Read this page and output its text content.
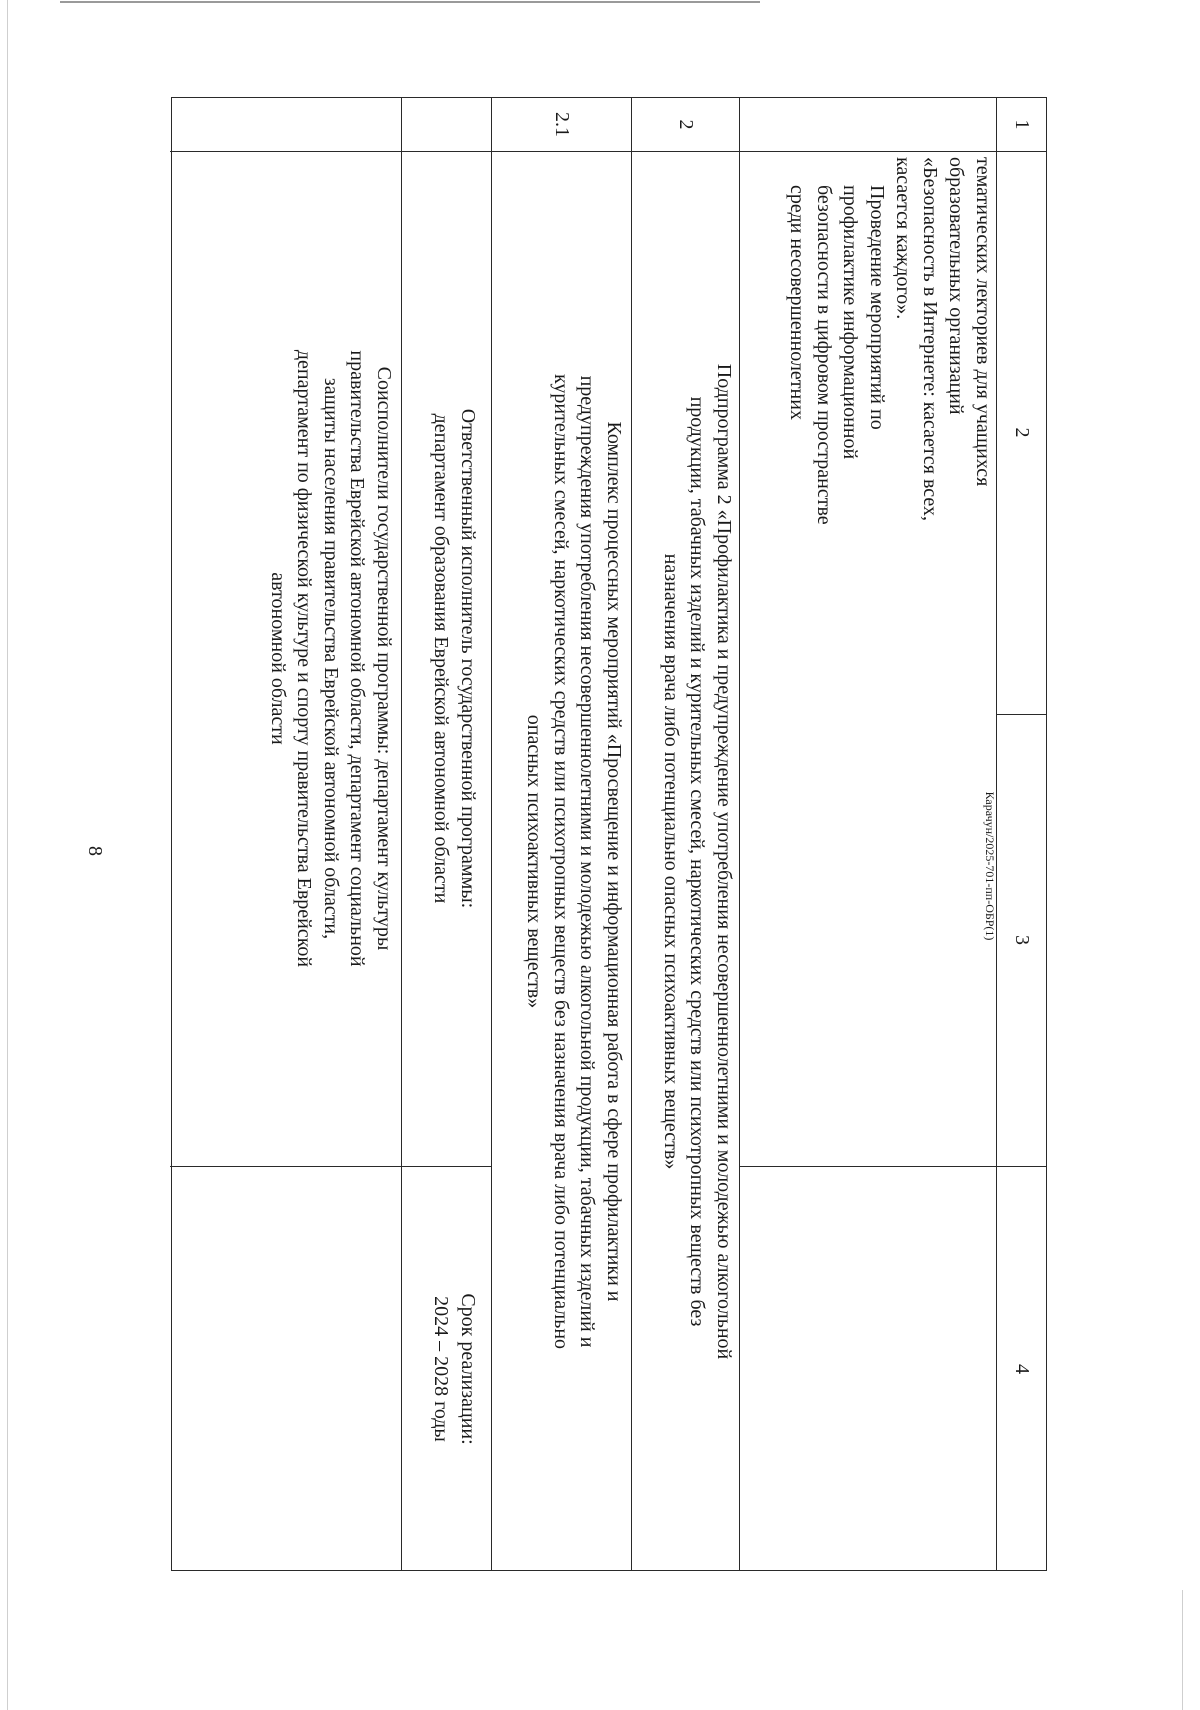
8	Карачун/2025-701-пп-ОБР(1)
1
2
3
4
тематических лекториев для учащихся
образовательных организаций
«Безопасность в Интернете: касается всех,
касается каждого».
Проведение мероприятий по
профилактике информационной
безопасности в цифровом пространстве
среди несовершеннолетних
2
Подпрограмма 2 «Профилактика и предупреждение употребления несовершеннолетними и молодежью алкогольной
продукции, табачных изделий и курительных смесей, наркотических средств или психотропных веществ без
назначения врача либо потенциально опасных психоактивных веществ»
2.1
Комплекс процессных мероприятий «Просвещение и информационная работа в сфере профилактики и
предупреждения употребления несовершеннолетними и молодежью алкогольной продукции, табачных изделий и
курительных смесей, наркотических средств или психотропных веществ без назначения врача либо потенциально
опасных психоактивных веществ»
Ответственный исполнитель государственной программы:
департамент образования Еврейской автономной области
Срок реализации:
2024 – 2028 годы
Соисполнители государственной программы: департамент культуры
правительства Еврейской автономной области, департамент социальной
защиты населения правительства Еврейской автономной области,
департамент по физической культуре и спорту правительства Еврейской
автономной области
